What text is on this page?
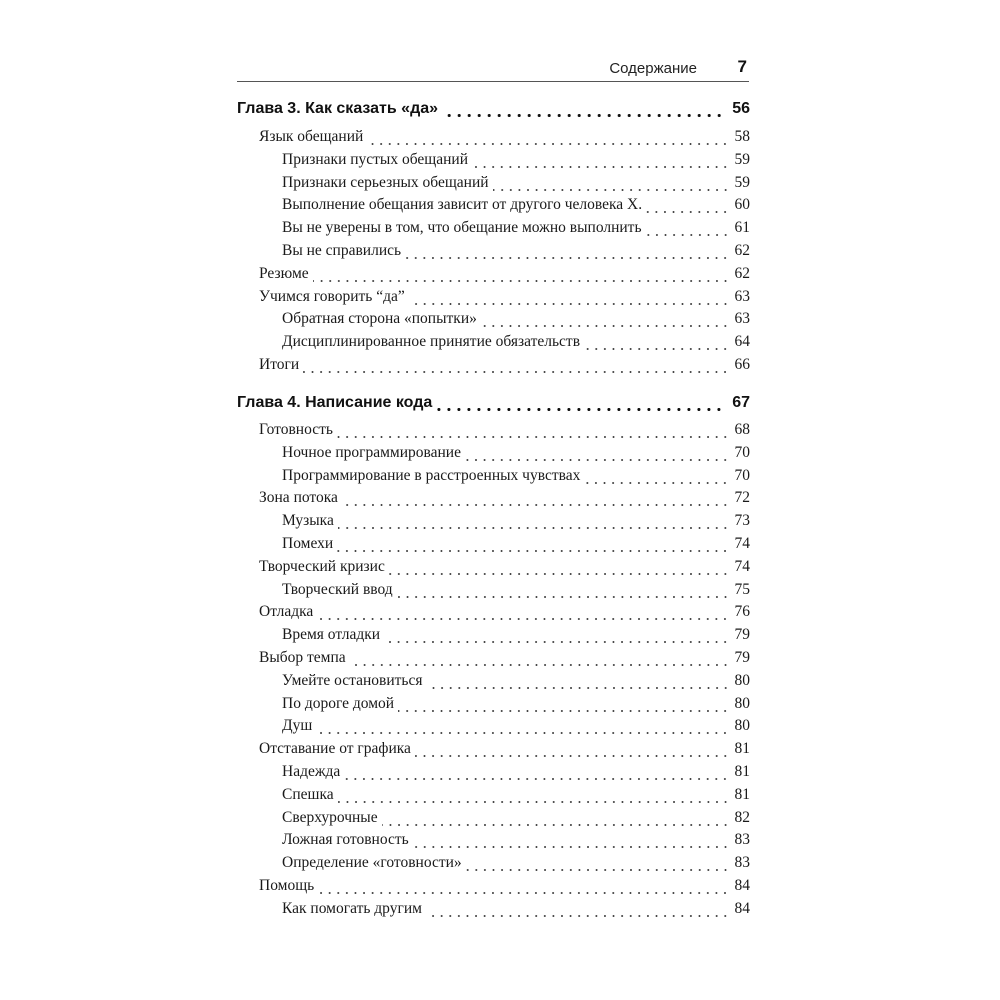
Содержание 7
Глава 3. Как сказать «да»	56
Язык обещаний	58
Признаки пустых обещаний	59
Признаки серьезных обещаний	59
Выполнение обещания зависит от другого человека X.	60
Вы не уверены в том, что обещание можно выполнить	61
Вы не справились	62
Резюме	62
Учимся говорить “да”	63
Обратная сторона «попытки»	63
Дисциплинированное принятие обязательств	64
Итоги	66
Глава 4. Написание кода	67
Готовность	68
Ночное программирование	70
Программирование в расстроенных чувствах	70
Зона потока	72
Музыка	73
Помехи	74
Творческий кризис	74
Творческий ввод	75
Отладка	76
Время отладки	79
Выбор темпа	79
Умейте остановиться	80
По дороге домой	80
Душ	80
Отставание от графика	81
Надежда	81
Спешка	81
Сверхурочные	82
Ложная готовность	83
Определение «готовности»	83
Помощь	84
Как помогать другим	84
